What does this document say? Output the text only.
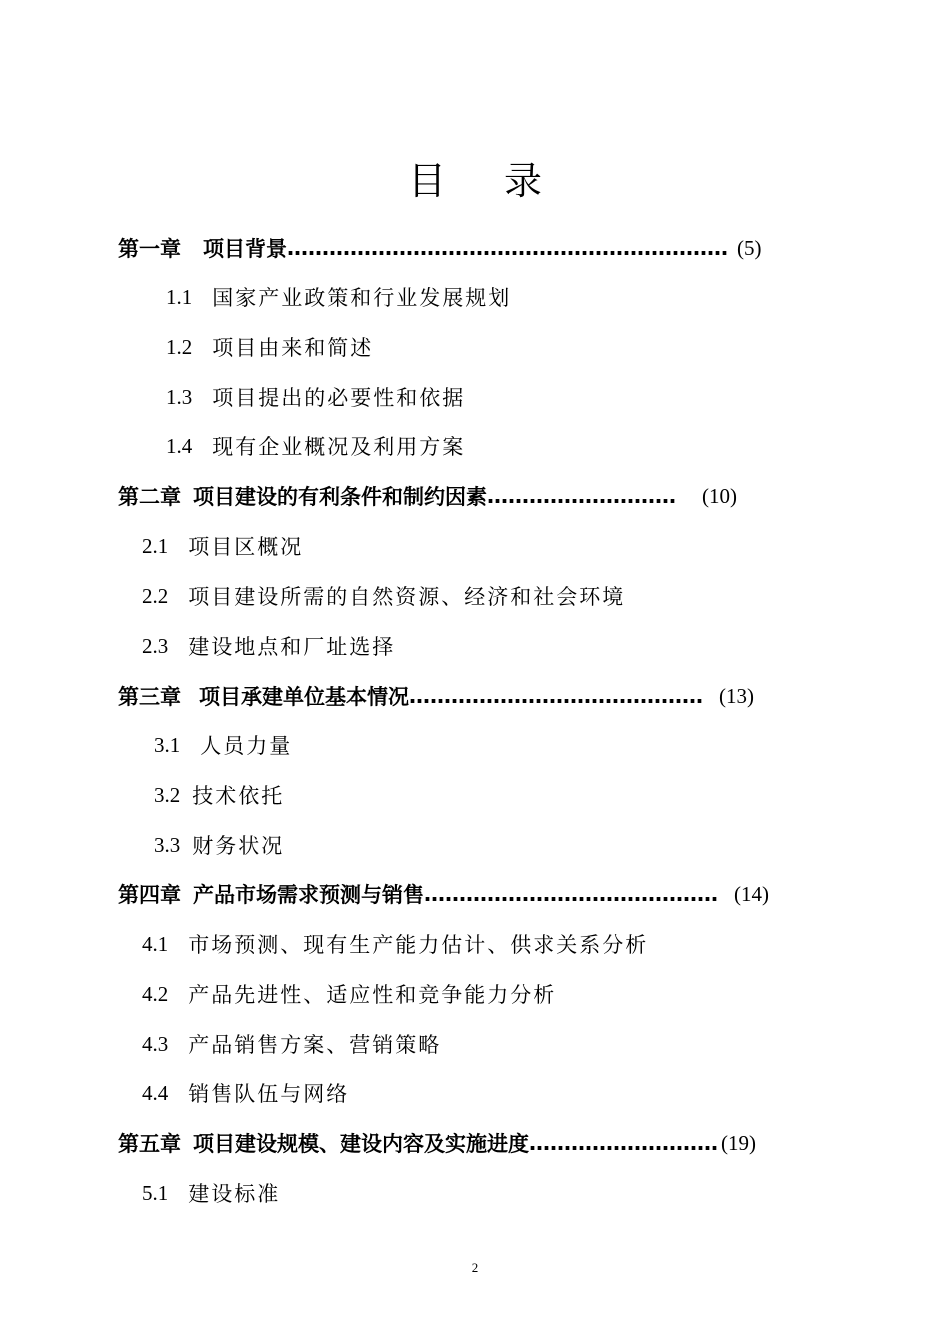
目 录
第一章 项目背景 ……………………………………………………… (5)
1.1 国家产业政策和行业发展规划
1.2 项目由来和简述
1.3 项目提出的必要性和依据
1.4 现有企业概况及利用方案
第二章 项目建设的有利条件和制约因素 ………………………	(10)
2.1 项目区概况
2.2 项目建设所需的自然资源、经济和社会环境
2.3 建设地点和厂址选择
第三章 项目承建单位基本情况 …………………………………… (13)
3.1 人员力量
3.2 技术依托
3.3 财务状况
第四章 产品市场需求预测与销售 …………………………………… (14)
4.1 市场预测、现有生产能力估计、供求关系分析
4.2 产品先进性、适应性和竞争能力分析
4.3 产品销售方案、营销策略
4.4 销售队伍与网络
第五章 项目建设规模、建设内容及实施进度 ……………………… (19)
5.1 建设标准
2
